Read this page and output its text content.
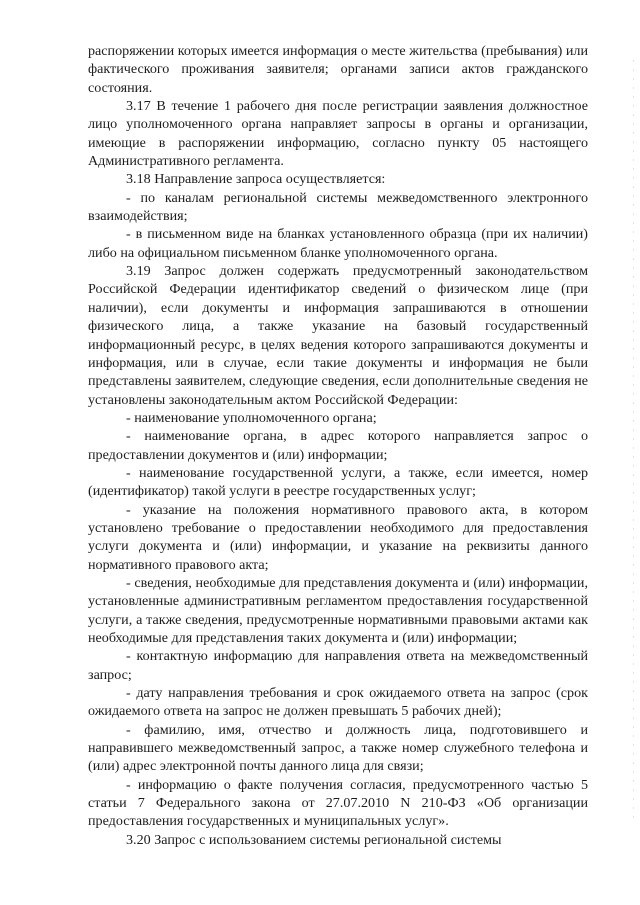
распоряжении которых имеется информация о месте жительства (пребывания) или фактического проживания заявителя; органами записи актов гражданского состояния.

3.17 В течение 1 рабочего дня после регистрации заявления должностное лицо уполномоченного органа направляет запросы в органы и организации, имеющие в распоряжении информацию, согласно пункту 05 настоящего Административного регламента.

3.18 Направление запроса осуществляется:

- по каналам региональной системы межведомственного электронного взаимодействия;

- в письменном виде на бланках установленного образца (при их наличии) либо на официальном письменном бланке уполномоченного органа.

3.19 Запрос должен содержать предусмотренный законодательством Российской Федерации идентификатор сведений о физическом лице (при наличии), если документы и информация запрашиваются в отношении физического лица, а также указание на базовый государственный информационный ресурс, в целях ведения которого запрашиваются документы и информация, или в случае, если такие документы и информация не были представлены заявителем, следующие сведения, если дополнительные сведения не установлены законодательным актом Российской Федерации:

- наименование уполномоченного органа;

- наименование органа, в адрес которого направляется запрос о предоставлении документов и (или) информации;

- наименование государственной услуги, а также, если имеется, номер (идентификатор) такой услуги в реестре государственных услуг;

- указание на положения нормативного правового акта, в котором установлено требование о предоставлении необходимого для предоставления услуги документа и (или) информации, и указание на реквизиты данного нормативного правового акта;

- сведения, необходимые для представления документа и (или) информации, установленные административным регламентом предоставления государственной услуги, а также сведения, предусмотренные нормативными правовыми актами как необходимые для представления таких документа и (или) информации;

- контактную информацию для направления ответа на межведомственный запрос;

- дату направления требования и срок ожидаемого ответа на запрос (срок ожидаемого ответа на запрос не должен превышать 5 рабочих дней);

- фамилию, имя, отчество и должность лица, подготовившего и направившего межведомственный запрос, а также номер служебного телефона и (или) адрес электронной почты данного лица для связи;

- информацию о факте получения согласия, предусмотренного частью 5 статьи 7 Федерального закона от 27.07.2010 N 210-ФЗ «Об организации предоставления государственных и муниципальных услуг».

3.20 Запрос с использованием системы региональной системы
